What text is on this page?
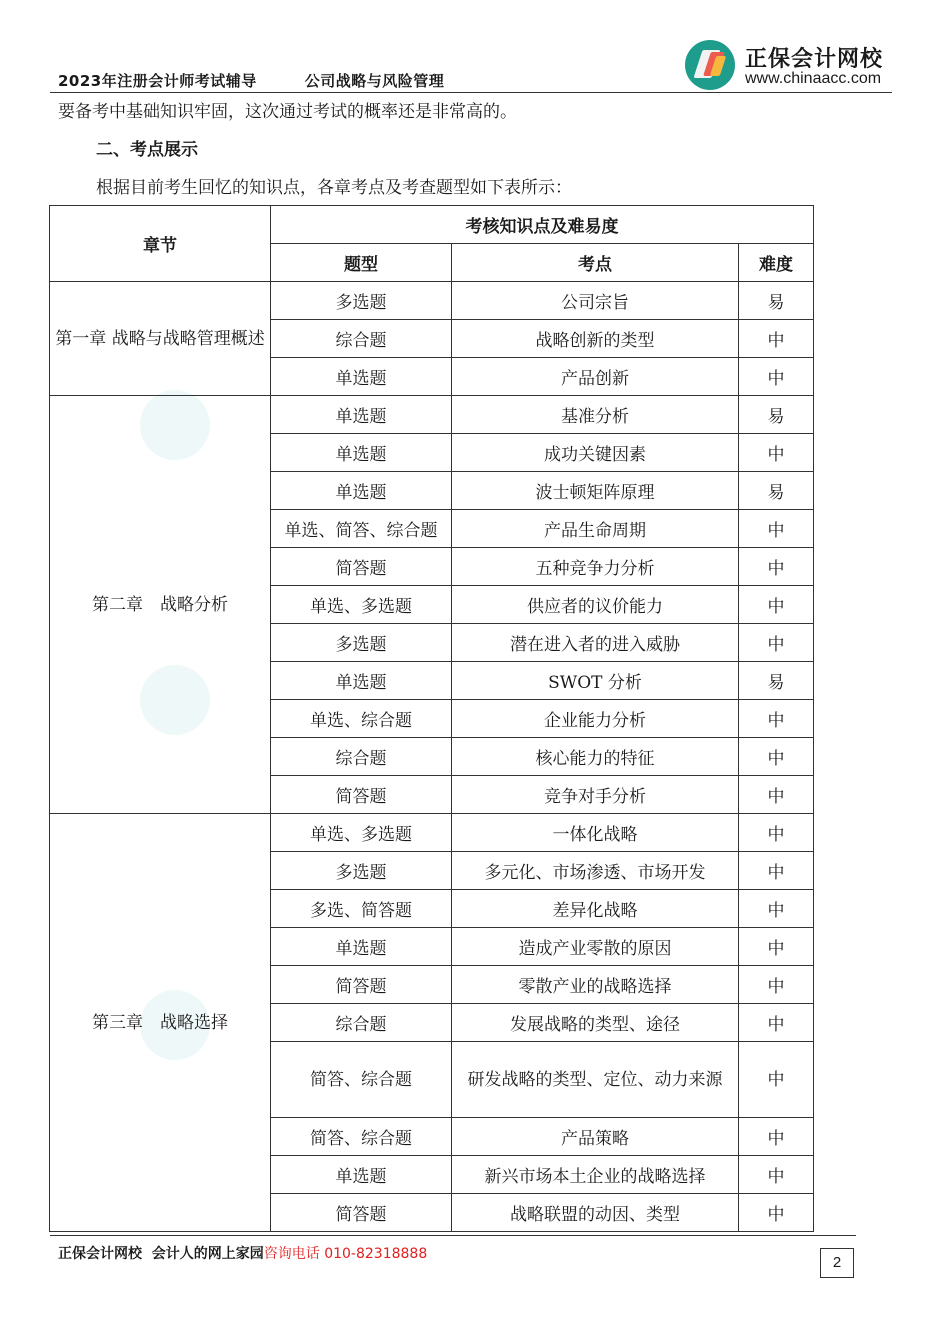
2023年注册会计师考试辅导	公司战略与风险管理
正保会计网校
www.chinaacc.com
要备考中基础知识牢固，这次通过考试的概率还是非常高的。
二、考点展示
根据目前考生回忆的知识点，各章考点及考查题型如下表所示：
章节	考核知识点及难易度		
	题型	考点	难度
第一章 战略与战略管理概述	多选题	公司宗旨	易
	综合题	战略创新的类型	中
	单选题	产品创新	中
第二章　战略分析	单选题	基准分析	易
	单选题	成功关键因素	中
	单选题	波士顿矩阵原理	易
	单选、简答、综合题	产品生命周期	中
	简答题	五种竞争力分析	中
	单选、多选题	供应者的议价能力	中
	多选题	潜在进入者的进入威胁	中
	单选题	SWOT 分析	易
	单选、综合题	企业能力分析	中
	综合题	核心能力的特征	中
	简答题	竞争对手分析	中
第三章　战略选择	单选、多选题	一体化战略	中
	多选题	多元化、市场渗透、市场开发	中
	多选、简答题	差异化战略	中
	单选题	造成产业零散的原因	中
	简答题	零散产业的战略选择	中
	综合题	发展战略的类型、途径	中
	简答、综合题	研发战略的类型、定位、动力来源	中
	简答、综合题	产品策略	中
	单选题	新兴市场本土企业的战略选择	中
	简答题	战略联盟的动因、类型	中
正保会计网校 会计人的网上家园咨询电话 010-82318888	2
